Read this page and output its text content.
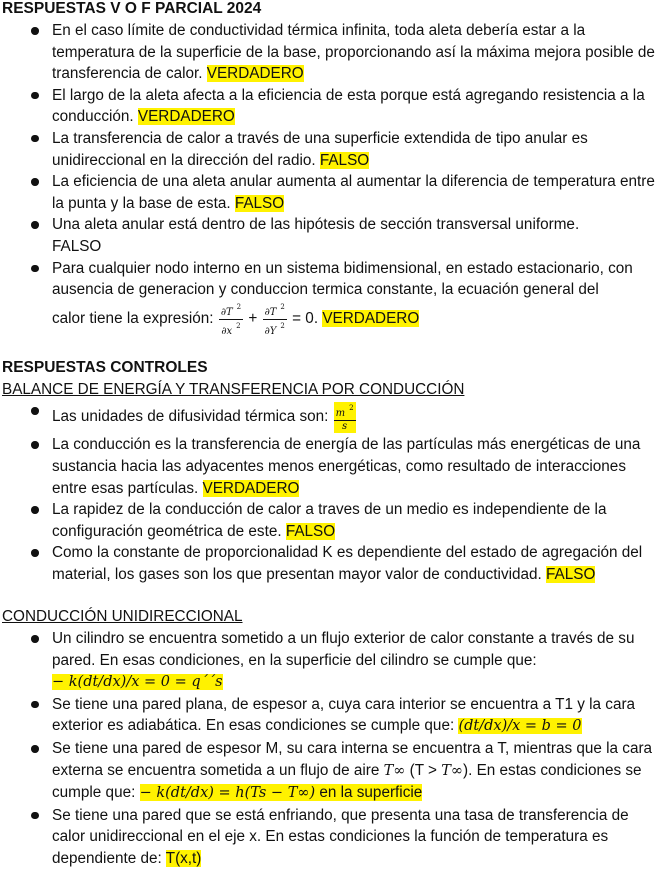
RESPUESTAS V O F PARCIAL 2024

En el caso límite de conductividad térmica infinita, toda aleta debería estar a la temperatura de la superficie de la base, proporcionando así la máxima mejora posible de transferencia de calor. VERDADERO
El largo de la aleta afecta a la eficiencia de esta porque está agregando resistencia a la conducción. VERDADERO
La transferencia de calor a través de una superficie extendida de tipo anular es unidireccional en la dirección del radio. FALSO
La eficiencia de una aleta anular aumenta al aumentar la diferencia de temperatura entre la punta y la base de esta. FALSO
Una aleta anular está dentro de las hipótesis de sección transversal uniforme.
FALSO
Para cualquier nodo interno en un sistema bidimensional, en estado estacionario, con ausencia de generacion y conduccion termica constante, la ecuación general del
calor tiene la expresión: $\frac{\partial T ^2}{\partial x ^2} + \frac{\partial T ^2}{\partial Y ^2} = 0$. VERDADERO

RESPUESTAS CONTROLES

BALANCE DE ENERGÍA Y TRANSFERENCIA POR CONDUCCIÓN

Las unidades de difusividad térmica son: $\frac{m ^2}{s}$
La conducción es la transferencia de energía de las partículas más energéticas de una sustancia hacia las adyacentes menos energéticas, como resultado de interacciones entre esas partículas. VERDADERO
La rapidez de la conducción de calor a traves de un medio es independiente de la configuración geométrica de este. FALSO
Como la constante de proporcionalidad K es dependiente del estado de agregación del material, los gases son los que presentan mayor valor de conductividad. FALSO

CONDUCCIÓN UNIDIRECCIONAL

Un cilindro se encuentra sometido a un flujo exterior de calor constante a través de su pared. En esas condiciones, en la superficie del cilindro se cumple que:
− k(dt/dx)/x = 0 = q´´s
Se tiene una pared plana, de espesor a, cuya cara interior se encuentra a T1 y la cara exterior es adiabática. En esas condiciones se cumple que: (dt/dx)/x = b = 0
Se tiene una pared de espesor M, su cara interna se encuentra a T, mientras que la cara externa se encuentra sometida a un flujo de aire T∞ (T > T∞). En estas condiciones se cumple que: − k(dt/dx) = h(Ts − T∞) en la superficie
Se tiene una pared que se está enfriando, que presenta una tasa de transferencia de calor unidireccional en el eje x. En estas condiciones la función de temperatura es dependiente de: T(x,t)
